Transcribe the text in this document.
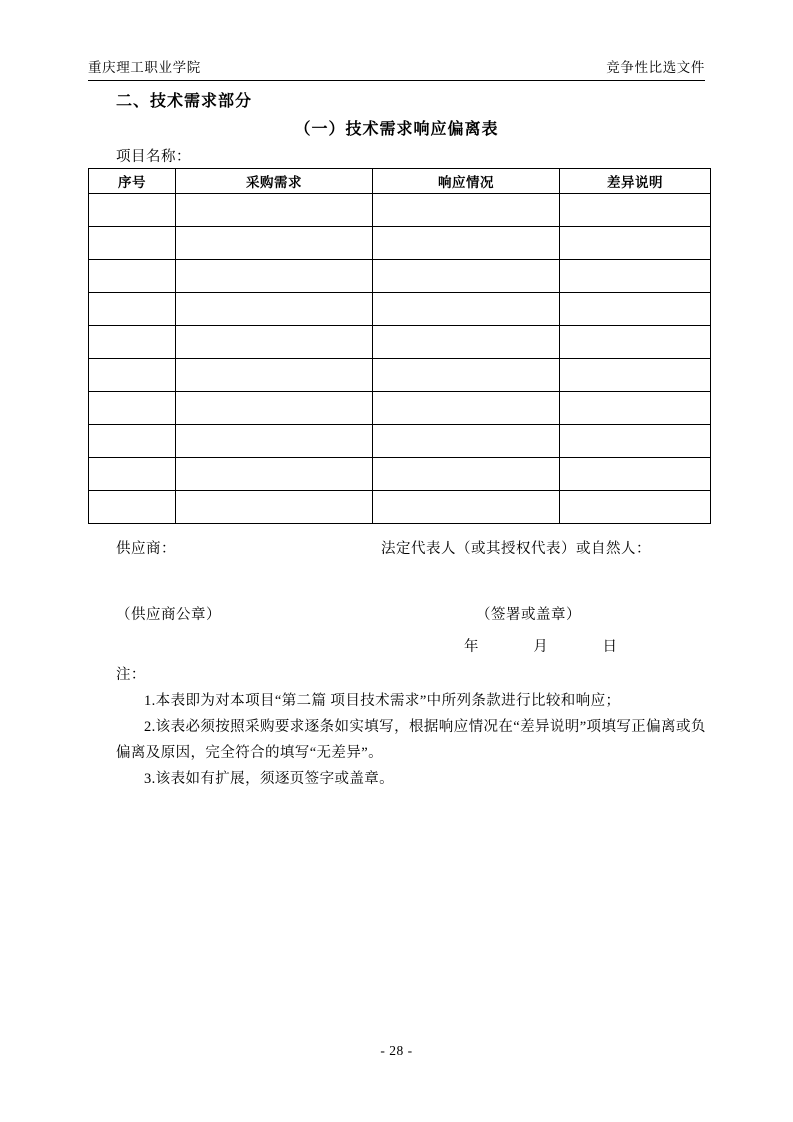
重庆理工职业学院	竞争性比选文件
二、技术需求部分
（一）技术需求响应偏离表
项目名称：
序号	采购需求	响应情况	差异说明

供应商：	法定代表人（或其授权代表）或自然人：
（供应商公章）	（签署或盖章）
年	月	日

注：

1.本表即为对本项目“第二篇 项目技术需求”中所列条款进行比较和响应；

2.该表必须按照采购要求逐条如实填写，根据响应情况在“差异说明”项填写正偏离或负偏离及原因，完全符合的填写“无差异”。

3.该表如有扩展，须逐页签字或盖章。

- 28 -
